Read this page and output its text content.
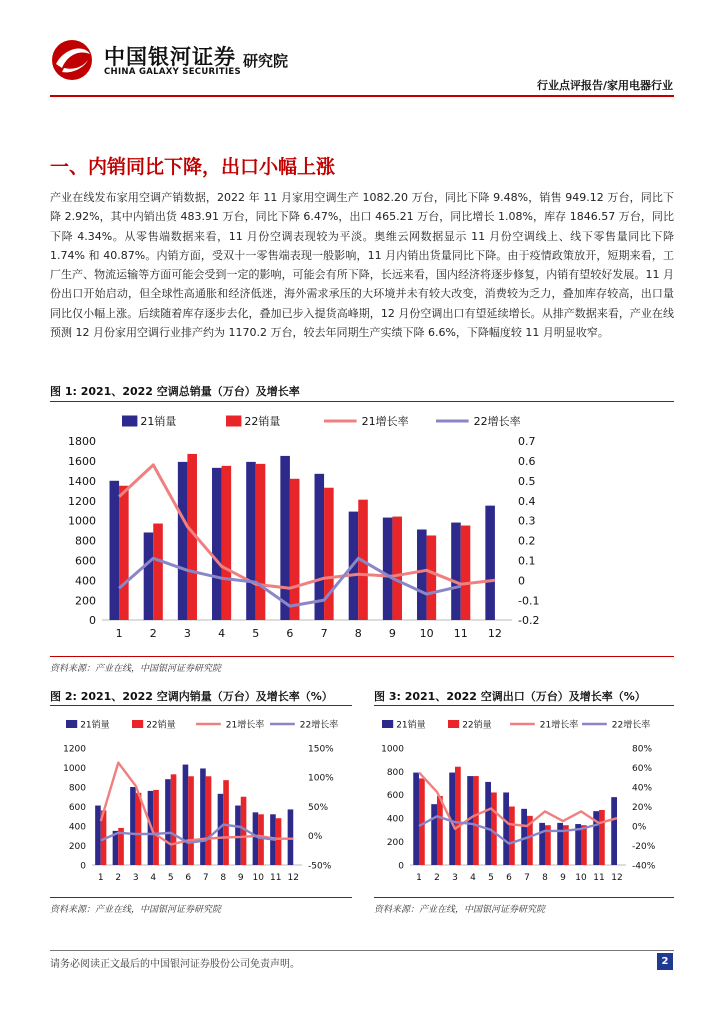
中国银河证券
CHINA GALAXY SECURITIES
研究院
行业点评报告/家用电器行业
一、内销同比下降，出口小幅上涨
产业在线发布家用空调产销数据，2022 年 11 月家用空调生产 1082.20 万台，同比下降 9.48%，销售 949.12 万台，同比下降 2.92%，其中内销出货 483.91 万台，同比下降 6.47%，出口 465.21 万台，同比增长 1.08%，库存 1846.57 万台，同比下降 4.34%。从零售端数据来看，11 月份空调表现较为平淡。奥维云网数据显示 11 月份空调线上、线下零售量同比下降 1.74% 和 40.87%。内销方面，受双十一零售端表现一般影响，11 月内销出货量同比下降。由于疫情政策放开，短期来看，工厂生产、物流运输等方面可能会受到一定的影响，可能会有所下降，长远来看，国内经济将逐步修复，内销有望较好发展。11 月份出口开始启动，但全球性高通胀和经济低迷，海外需求承压的大环境并未有较大改变，消费较为乏力，叠加库存较高，出口量同比仅小幅上涨。后续随着库存逐步去化，叠加已步入提货高峰期，12 月份空调出口有望延续增长。从排产数据来看，产业在线预测 12 月份家用空调行业排产约为 1170.2 万台，较去年同期生产实绩下降 6.6%，下降幅度较 11 月明显收窄。
图 1: 2021、2022 空调总销量（万台）及增长率
21销量	22销量	21增长率	22增长率
0
200
400
600
800
1000
1200
1400
1600
1800
-0.2
-0.1
0
0.1
0.2
0.3
0.4
0.5
0.6
0.7
1 2 3 4 5 6 7 8 9 10 11 12
资料来源：产业在线，中国银河证券研究院
图 2: 2021、2022 空调内销量（万台）及增长率（%）
21销量	22销量	21增长率	22增长率
0
200
400
600
800
1000
1200
-50%
0%
50%
100%
150%
1 2 3 4 5 6 7 8 9 10 11 12
资料来源：产业在线，中国银河证券研究院
图 3: 2021、2022 空调出口（万台）及增长率（%）
21销量	22销量	21增长率	22增长率
0
200
400
600
800
1000
-40%
-20%
0%
20%
40%
60%
80%
1 2 3 4 5 6 7 8 9 10 11 12
资料来源：产业在线，中国银河证券研究院
请务必阅读正文最后的中国银河证券股份公司免责声明。	2
